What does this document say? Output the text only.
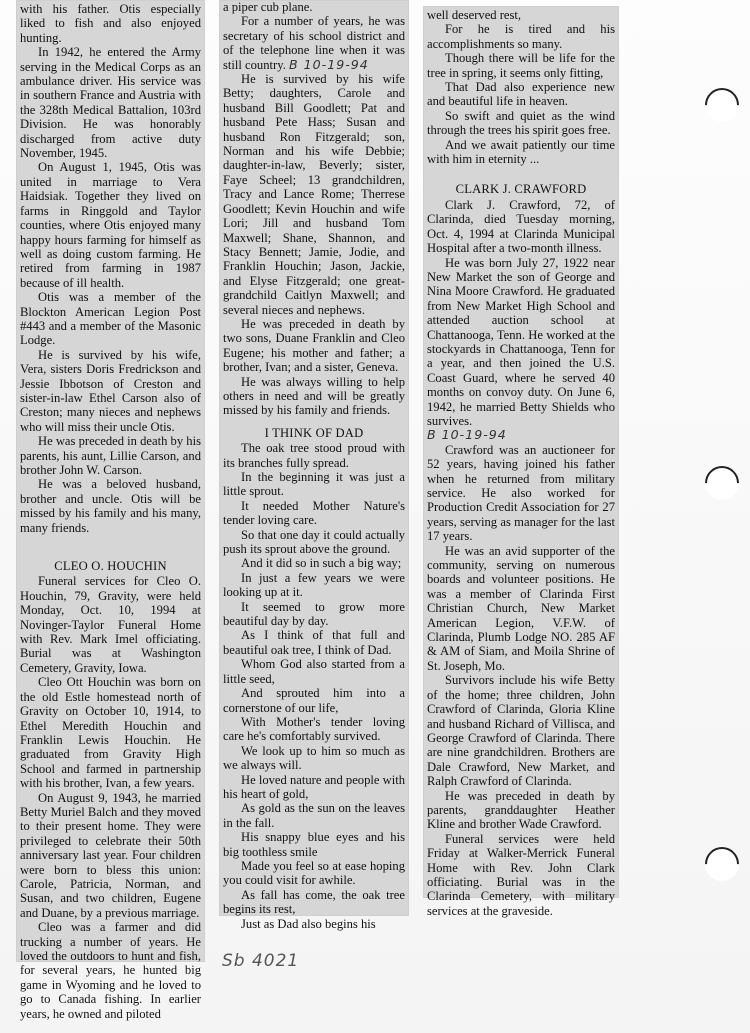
with his father. Otis especially liked to fish and also enjoyed hunting.

In 1942, he entered the Army serving in the Medical Corps as an ambulance driver. His service was in southern France and Austria with the 328th Medical Battalion, 103rd Division. He was honorably discharged from active duty November, 1945.

On August 1, 1945, Otis was united in marriage to Vera Haidsiak. Together they lived on farms in Ringgold and Taylor counties, where Otis enjoyed many happy hours farming for himself as well as doing custom farming. He retired from farming in 1987 because of ill health.

Otis was a member of the Blockton American Legion Post #443 and a member of the Masonic Lodge.

He is survived by his wife, Vera, sisters Doris Fredrickson and Jessie Ibbotson of Creston and sister-in-law Ethel Carson also of Creston; many nieces and nephews who will miss their uncle Otis.

He was preceded in death by his parents, his aunt, Lillie Carson, and brother John W. Carson.

He was a beloved husband, brother and uncle. Otis will be missed by his family and his many, many friends.

CLEO O. HOUCHIN

Funeral services for Cleo O. Houchin, 79, Gravity, were held Monday, Oct. 10, 1994 at Novinger-Taylor Funeral Home with Rev. Mark Imel officiating. Burial was at Washington Cemetery, Gravity, Iowa.

Cleo Ott Houchin was born on the old Estle homestead north of Gravity on October 10, 1914, to Ethel Meredith Houchin and Franklin Lewis Houchin. He graduated from Gravity High School and farmed in partnership with his brother, Ivan, a few years.

On August 9, 1943, he married Betty Muriel Balch and they moved to their present home. They were privileged to celebrate their 50th anniversary last year. Four children were born to bless this union: Carole, Patricia, Norman, and Susan, and two children, Eugene and Duane, by a previous marriage.

Cleo was a farmer and did trucking a number of years. He loved the outdoors to hunt and fish, for several years, he hunted big game in Wyoming and he loved to go to Canada fishing. In earlier years, he owned and piloted

a piper cub plane.

For a number of years, he was secretary of his school district and of the telephone line when it was still country. B 10-19-94

He is survived by his wife Betty; daughters, Carole and husband Bill Goodlett; Pat and husband Pete Hass; Susan and husband Ron Fitzgerald; son, Norman and his wife Debbie; daughter-in-law, Beverly; sister, Faye Scheel; 13 grandchildren, Tracy and Lance Rome; Therrese Goodlett; Kevin Houchin and wife Lori; Jill and husband Tom Maxwell; Shane, Shannon, and Stacy Bennett; Jamie, Jodie, and Franklin Houchin; Jason, Jackie, and Elyse Fitzgerald; one great-grandchild Caitlyn Maxwell; and several nieces and nephews.

He was preceded in death by two sons, Duane Franklin and Cleo Eugene; his mother and father; a brother, Ivan; and a sister, Geneva.

He was always willing to help others in need and will be greatly missed by his family and friends.

I THINK OF DAD

The oak tree stood proud with its branches fully spread.

In the beginning it was just a little sprout.

It needed Mother Nature's tender loving care.

So that one day it could actually push its sprout above the ground.

And it did so in such a big way;

In just a few years we were looking up at it.

It seemed to grow more beautiful day by day.

As I think of that full and beautiful oak tree, I think of Dad.

Whom God also started from a little seed,

And sprouted him into a cornerstone of our life,

With Mother's tender loving care he's comfortably survived.

We look up to him so much as we always will.

He loved nature and people with his heart of gold,

As gold as the sun on the leaves in the fall.

His snappy blue eyes and his big toothless smile

Made you feel so at ease hoping you could visit for awhile.

As fall has come, the oak tree begins its rest,

Just as Dad also begins his

well deserved rest,

For he is tired and his accomplishments so many.

Though there will be life for the tree in spring, it seems only fitting,

That Dad also experience new and beautiful life in heaven.

So swift and quiet as the wind through the trees his spirit goes free.

And we await patiently our time with him in eternity ...

CLARK J. CRAWFORD

Clark J. Crawford, 72, of Clarinda, died Tuesday morning, Oct. 4, 1994 at Clarinda Municipal Hospital after a two-month illness.

He was born July 27, 1922 near New Market the son of George and Nina Moore Crawford. He graduated from New Market High School and attended auction school at Chattanooga, Tenn. He worked at the stockyards in Chattanooga, Tenn for a year, and then joined the U.S. Coast Guard, where he served 40 months on convoy duty. On June 6, 1942, he married Betty Shields who survives.

B 10-19-94

Crawford was an auctioneer for 52 years, having joined his father when he returned from military service. He also worked for Production Credit Association for 27 years, serving as manager for the last 17 years.

He was an avid supporter of the community, serving on numerous boards and volunteer positions. He was a member of Clarinda First Christian Church, New Market American Legion, V.F.W. of Clarinda, Plumb Lodge NO. 285 AF & AM of Siam, and Moila Shrine of St. Joseph, Mo.

Survivors include his wife Betty of the home; three children, John Crawford of Clarinda, Gloria Kline and husband Richard of Villisca, and George Crawford of Clarinda. There are nine grandchildren. Brothers are Dale Crawford, New Market, and Ralph Crawford of Clarinda.

He was preceded in death by parents, granddaughter Heather Kline and brother Wade Crawford.

Funeral services were held Friday at Walker-Merrick Funeral Home with Rev. John Clark officiating. Burial was in the Clarinda Cemetery, with military services at the graveside.

Sb 4021
